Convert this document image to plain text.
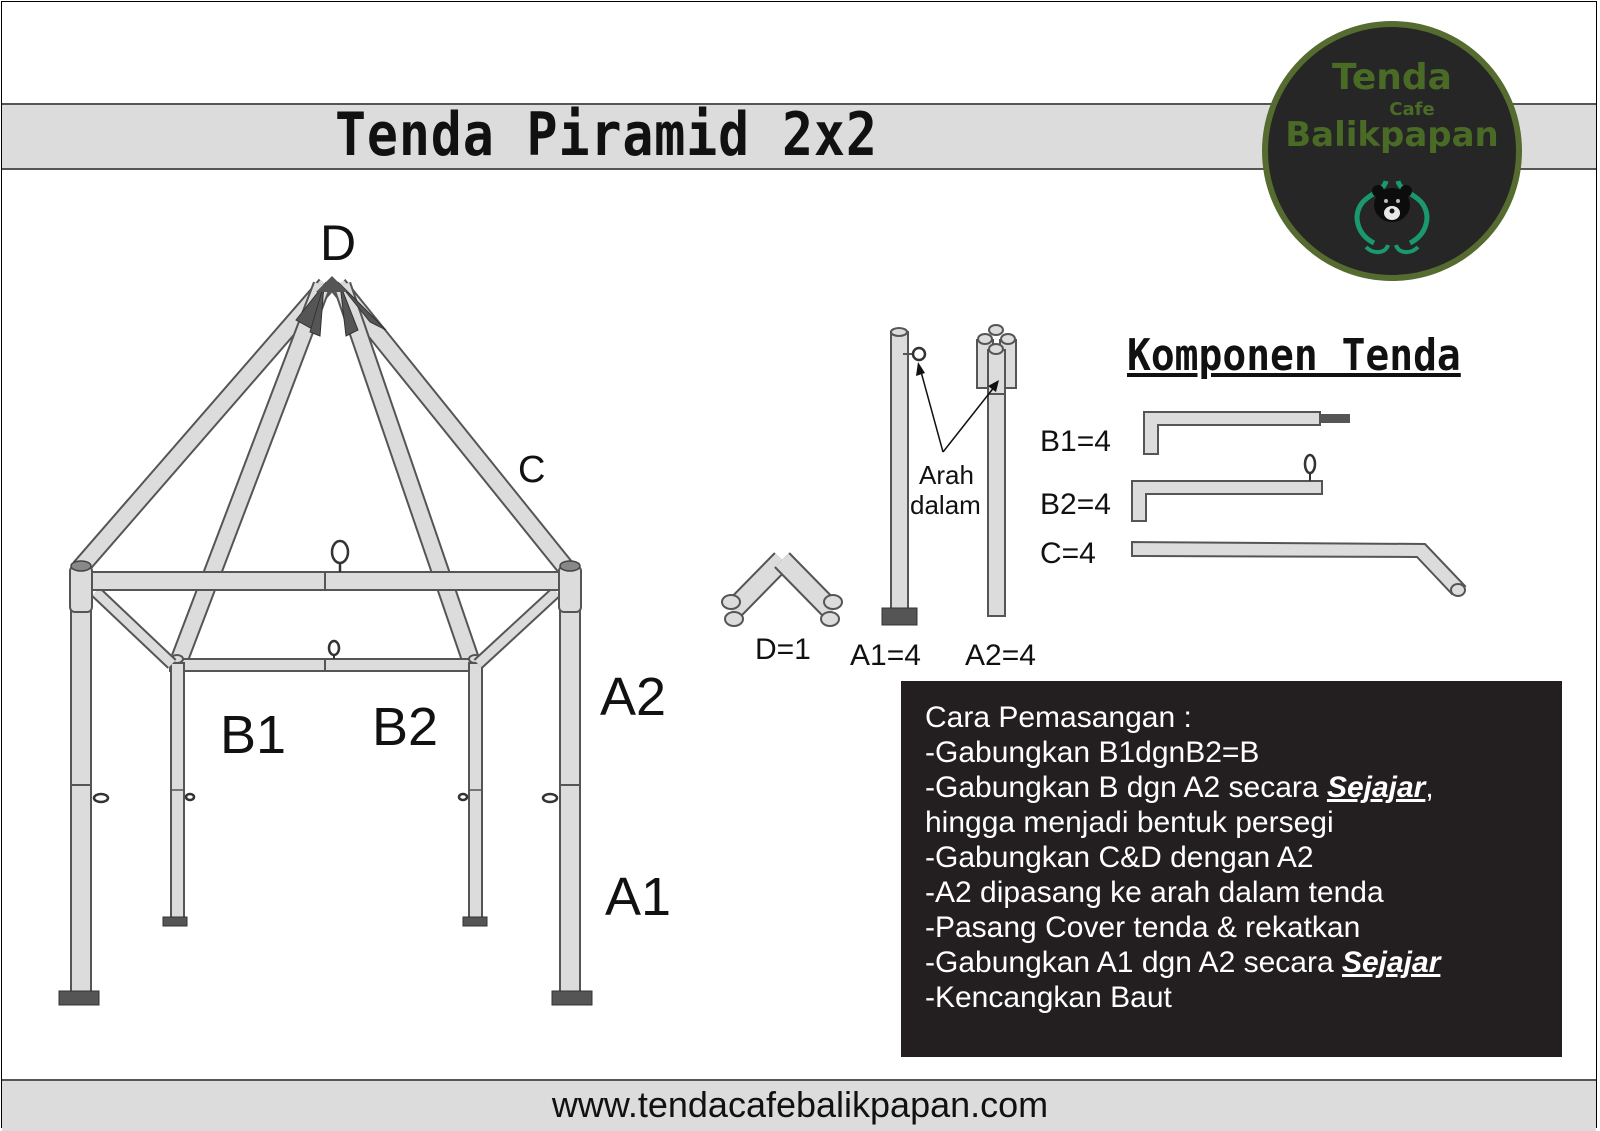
Tenda Piramid 2x2
D
C
B1 B2	A2
A1
Arah
dalam
D=1 A1=4 A2=4
B1=4
B2=4
C=4
Komponen Tenda
Cara Pemasangan :
-Gabungkan B1dgnB2=B
-Gabungkan B dgn A2 secara Sejajar,
hingga menjadi bentuk persegi
-Gabungkan C&D dengan A2
-A2 dipasang ke arah dalam tenda
-Pasang Cover tenda & rekatkan
-Gabungkan A1 dgn A2 secara Sejajar
-Kencangkan Baut
Tenda
Cafe
Balikpapan
www.tendacafebalikpapan.com
